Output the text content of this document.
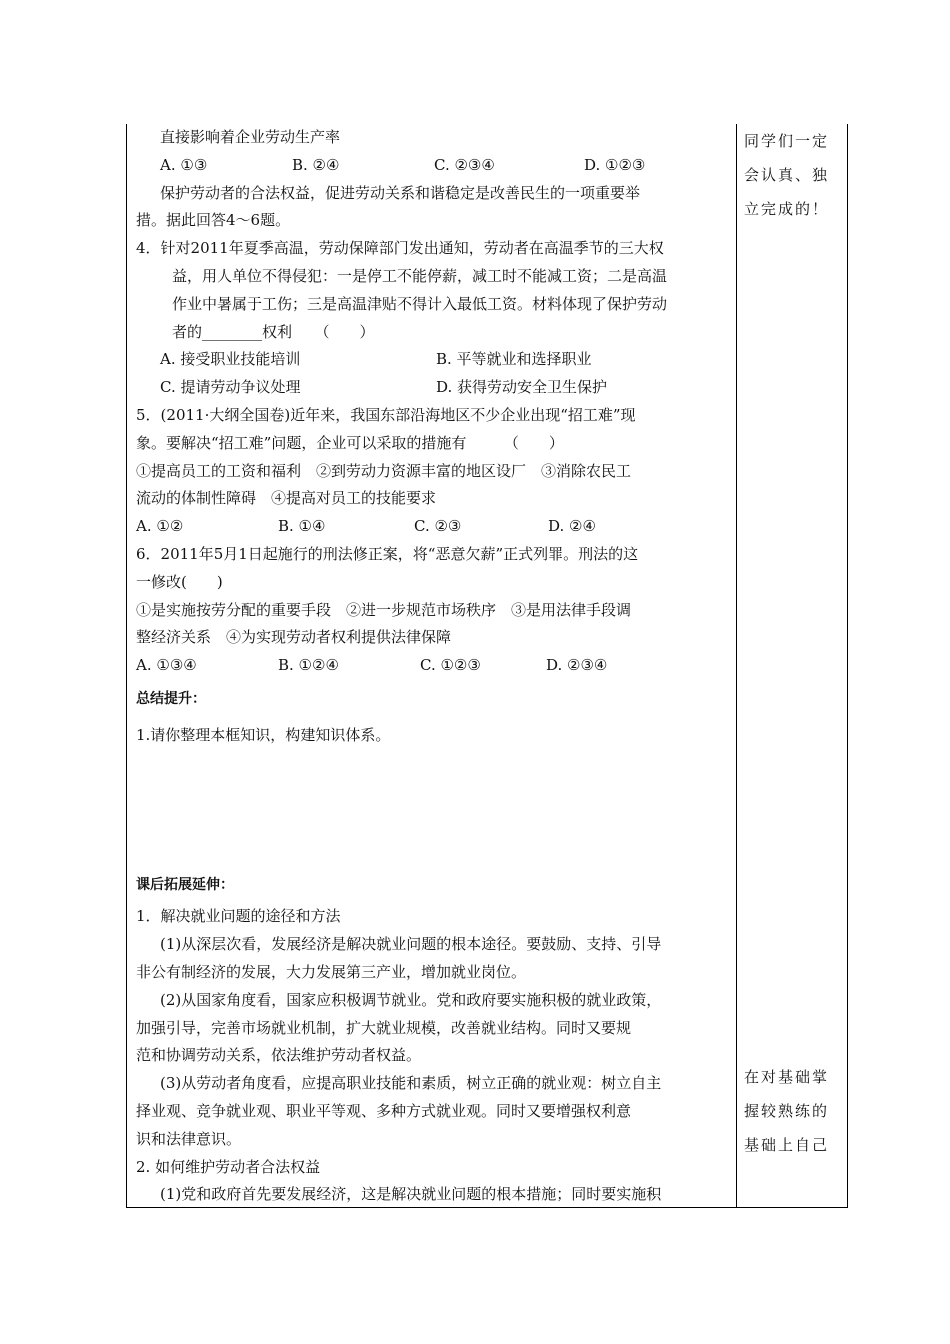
直接影响着企业劳动生产率
A. ①③	B. ②④	C. ②③④	D. ①②③
保护劳动者的合法权益，促进劳动关系和谐稳定是改善民生的一项重要举
措。据此回答4～6题。
4．针对2011年夏季高温，劳动保障部门发出通知，劳动者在高温季节的三大权
益，用人单位不得侵犯：一是停工不能停薪，减工时不能减工资；二是高温
作业中暑属于工伤；三是高温津贴不得计入最低工资。材料体现了保护劳动
者的________权利　　（　　）
A. 接受职业技能培训	B. 平等就业和选择职业
C. 提请劳动争议处理	D. 获得劳动安全卫生保护
5．(2011·大纲全国卷)近年来，我国东部沿海地区不少企业出现“招工难”现
象。要解决“招工难”问题，企业可以采取的措施有　　　（　　）
①提高员工的工资和福利　②到劳动力资源丰富的地区设厂　③消除农民工
流动的体制性障碍　④提高对员工的技能要求
A. ①②	B. ①④	C. ②③	D. ②④
6．2011年5月1日起施行的刑法修正案，将“恶意欠薪”正式列罪。刑法的这
一修改(　　)
①是实施按劳分配的重要手段　②进一步规范市场秩序　③是用法律手段调
整经济关系　④为实现劳动者权利提供法律保障
A. ①③④	B. ①②④	C. ①②③	D. ②③④
总结提升：
1.请你整理本框知识，构建知识体系。
课后拓展延伸：
1．解决就业问题的途径和方法
(1)从深层次看，发展经济是解决就业问题的根本途径。要鼓励、支持、引导
非公有制经济的发展，大力发展第三产业，增加就业岗位。
(2)从国家角度看，国家应积极调节就业。党和政府要实施积极的就业政策，
加强引导，完善市场就业机制，扩大就业规模，改善就业结构。同时又要规
范和协调劳动关系，依法维护劳动者权益。
(3)从劳动者角度看，应提高职业技能和素质，树立正确的就业观：树立自主
择业观、竞争就业观、职业平等观、多种方式就业观。同时又要增强权利意
识和法律意识。
2. 如何维护劳动者合法权益
(1)党和政府首先要发展经济，这是解决就业问题的根本措施；同时要实施积
同学们一定
会认真、独
立完成的！
在对基础掌
握较熟练的
基础上自己
